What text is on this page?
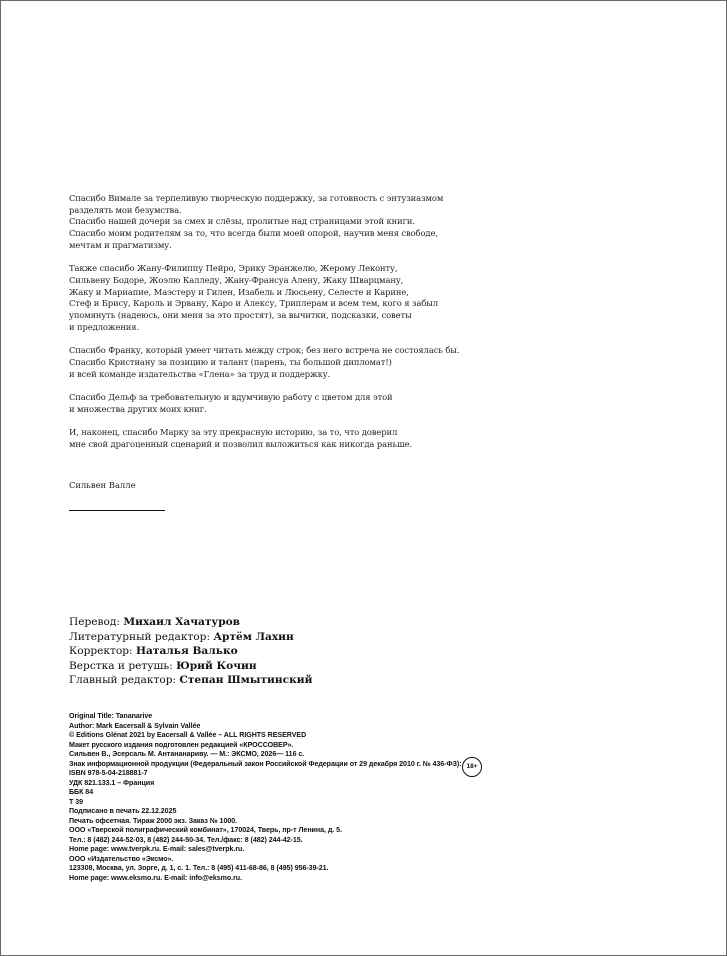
Спасибо Вимале за терпеливую творческую поддержку, за готовность с энтузиазмом
разделять мои безумства.
Спасибо нашей дочери за смех и слёзы, пролитые над страницами этой книги.
Спасибо моим родителям за то, что всегда были моей опорой, научив меня свободе,
мечтам и прагматизму.
Также спасибо Жану-Филиппу Пейро, Эрику Эранжелю, Жерому Леконту,
Сильвену Бодоре, Жоэлю Калледу, Жану-Франсуа Алену, Жаку Шварцману,
Жаку и Мариапие, Маэстеру и Гилен, Изабель и Люсьену, Селесте и Карине,
Стеф и Брису, Кароль и Эрвану, Каро и Алексу, Триплерам и всем тем, кого я забыл
упомянуть (надеюсь, они меня за это простят), за вычитки, подсказки, советы
и предложения.
Спасибо Франку, который умеет читать между строк; без него встреча не состоялась бы.
Спасибо Кристиану за позицию и талант (парень, ты большой дипломат!)
и всей команде издательства «Глена» за труд и поддержку.
Спасибо Дельф за требовательную и вдумчивую работу с цветом для этой
и множества других моих книг.
И, наконец, спасибо Марку за эту прекрасную историю, за то, что доверил
мне свой драгоценный сценарий и позволил выложиться как никогда раньше.
Сильвен Валле
Перевод: Михаил Хачатуров
Литературный редактор: Артём Лахин
Корректор: Наталья Валько
Верстка и ретушь: Юрий Кочин
Главный редактор: Степан Шмытинский
Original Title: Tananarive
Author: Mark Eacersall & Sylvain Vallée
© Editions Glénat 2021 by Eacersall & Vallée – ALL RIGHTS RESERVED
Макет русского издания подготовлен редакцией «КРОССОВЕР».
Сильвен В., Эсерсаль М. Антананариву. — М.: ЭКСМО, 2026— 116 с.
Знак информационной продукции (Федеральный закон Российской Федерации от 29 декабря 2010 г. № 436-ФЗ):
ISBN 978-5-04-218881-7
УДК 821.133.1 – Франция
ББК 84
Т 39
Подписано в печать 22.12.2025
Печать офсетная. Тираж 2000 экз. Заказ № 1000.
ООО «Тверской полиграфический комбинат», 170024, Тверь, пр-т Ленина, д. 5.
Тел.: 8 (482) 244-52-03, 8 (482) 244-50-34. Тел./факс: 8 (482) 244-42-15.
Home page: www.tverpk.ru. E-mail: sales@tverpk.ru.
ООО «Издательство «Эксмо».
123308, Москва, ул. Зорге, д. 1, с. 1. Тел.: 8 (495) 411-68-86, 8 (495) 956-39-21.
Home page: www.eksmo.ru. E-mail: info@eksmo.ru.
18+
